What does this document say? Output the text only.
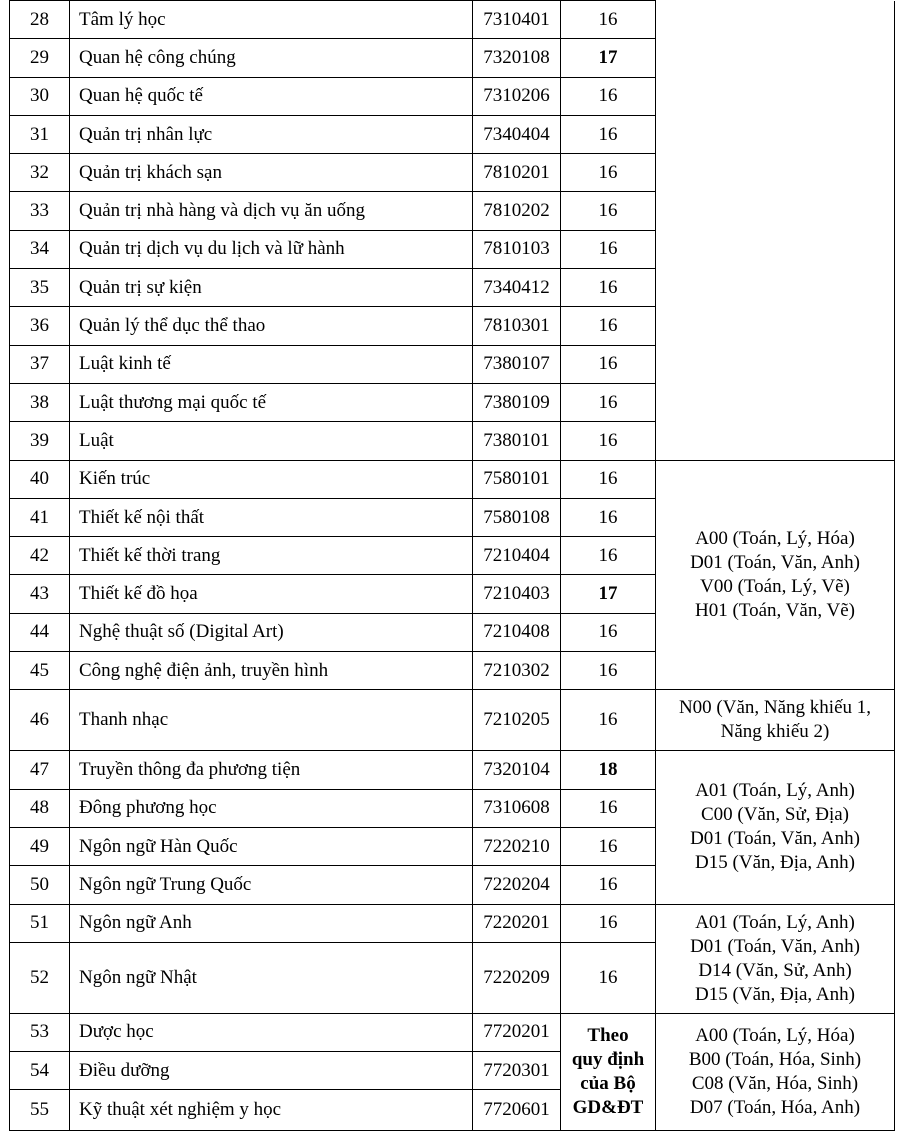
28	Tâm lý học	7310401	16	
29	Quan hệ công chúng	7320108	17	
30	Quan hệ quốc tế	7310206	16	
31	Quản trị nhân lực	7340404	16	
32	Quản trị khách sạn	7810201	16	
33	Quản trị nhà hàng và dịch vụ ăn uống	7810202	16	
34	Quản trị dịch vụ du lịch và lữ hành	7810103	16	
35	Quản trị sự kiện	7340412	16	
36	Quản lý thể dục thể thao	7810301	16	
37	Luật kinh tế	7380107	16	
38	Luật thương mại quốc tế	7380109	16	
39	Luật	7380101	16	
40	Kiến trúc	7580101	16	A00 (Toán, Lý, Hóa)
D01 (Toán, Văn, Anh)
V00 (Toán, Lý, Vẽ)
H01 (Toán, Văn, Vẽ)

41	Thiết kế nội thất	7580108	16	
42	Thiết kế thời trang	7210404	16	
43	Thiết kế đồ họa	7210403	17	
44	Nghệ thuật số (Digital Art)	7210408	16	
45	Công nghệ điện ảnh, truyền hình	7210302	16	
46	Thanh nhạc	7210205	16	N00 (Văn, Năng khiếu 1,
Năng khiếu 2)

47	Truyền thông đa phương tiện	7320104	18	A01 (Toán, Lý, Anh)
C00 (Văn, Sử, Địa)
D01 (Toán, Văn, Anh)
D15 (Văn, Địa, Anh)

48	Đông phương học	7310608	16	
49	Ngôn ngữ Hàn Quốc	7220210	16	
50	Ngôn ngữ Trung Quốc	7220204	16	
51	Ngôn ngữ Anh	7220201	16	A01 (Toán, Lý, Anh)
D01 (Toán, Văn, Anh)
D14 (Văn, Sử, Anh)
D15 (Văn, Địa, Anh)

52	Ngôn ngữ Nhật	7220209	16	
53	Dược học	7720201	Theo
quy định
của Bộ
GD&ĐT	A00 (Toán, Lý, Hóa)
B00 (Toán, Hóa, Sinh)
C08 (Văn, Hóa, Sinh)
D07 (Toán, Hóa, Anh)

54	Điều dưỡng	7720301		
55	Kỹ thuật xét nghiệm y học	7720601		
